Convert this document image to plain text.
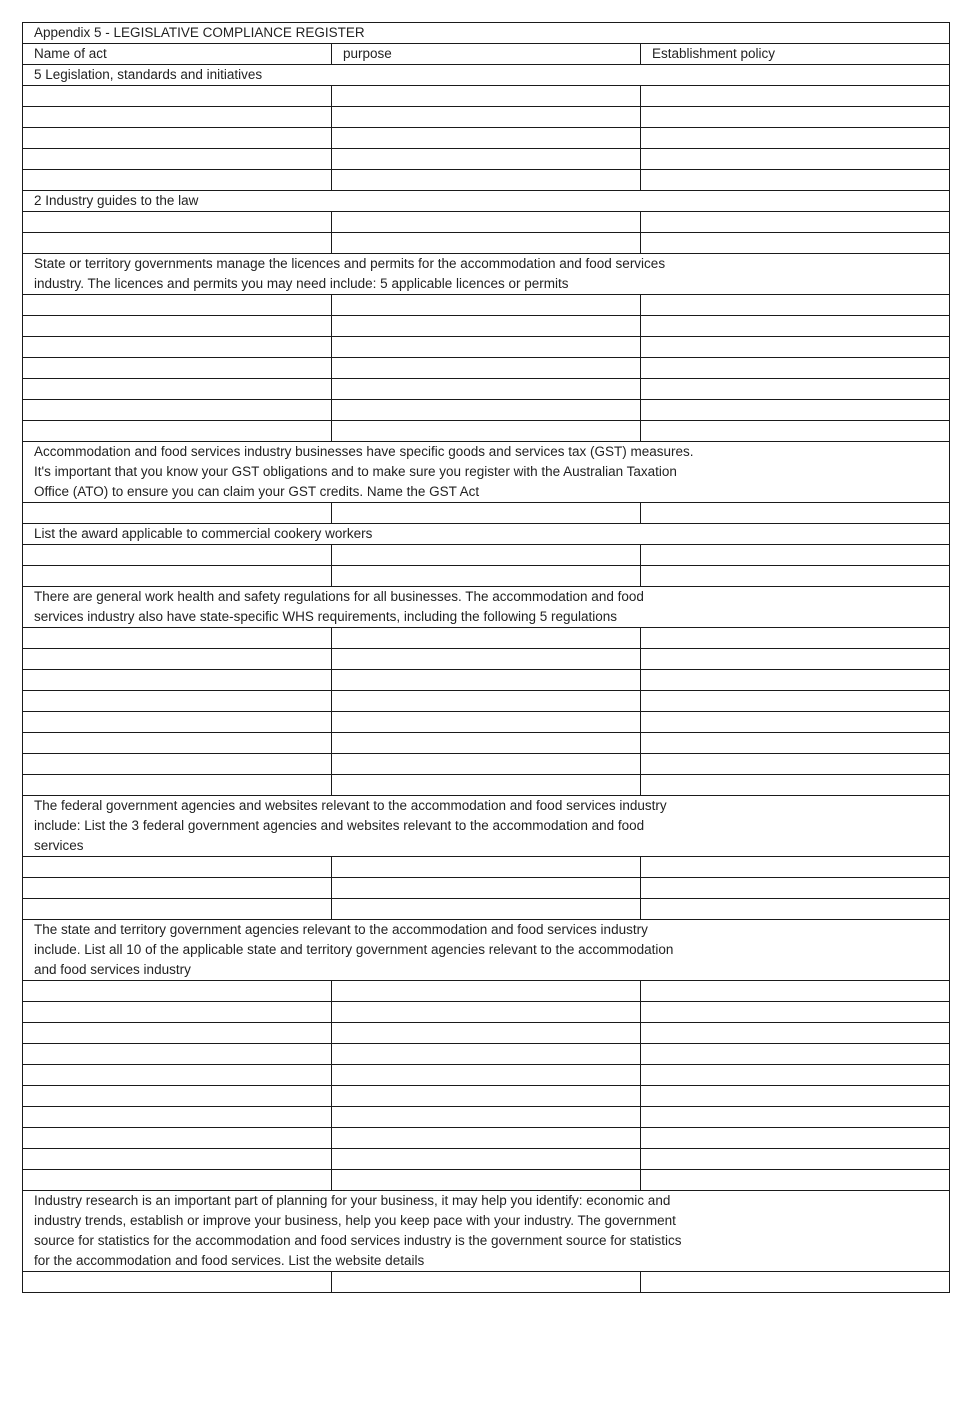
Appendix 5 - LEGISLATIVE COMPLIANCE REGISTER		
Name of act	purpose	Establishment policy

5 Legislation, standards and initiatives		

2 Industry guides to the law		

State or territory governments manage the licences and permits for the accommodation and food services industry. The licences and permits you may need include: 5 applicable licences or permits		

Accommodation and food services industry businesses have specific goods and services tax (GST) measures. It's important that you know your GST obligations and to make sure you register with the Australian Taxation Office (ATO) to ensure you can claim your GST credits. Name the GST Act		

List the award applicable to commercial cookery workers		

There are general work health and safety regulations for all businesses. The accommodation and food services industry also have state-specific WHS requirements, including the following 5 regulations		

The federal government agencies and websites relevant to the accommodation and food services industry include: List the 3 federal government agencies and websites relevant to the accommodation and food services		

The state and territory government agencies relevant to the accommodation and food services industry include. List all 10 of the applicable state and territory government agencies relevant to the accommodation and food services industry		

Industry research is an important part of planning for your business, it may help you identify: economic and industry trends, establish or improve your business, help you keep pace with your industry. The government source for statistics for the accommodation and food services industry is the government source for statistics for the accommodation and food services. List the website details		
